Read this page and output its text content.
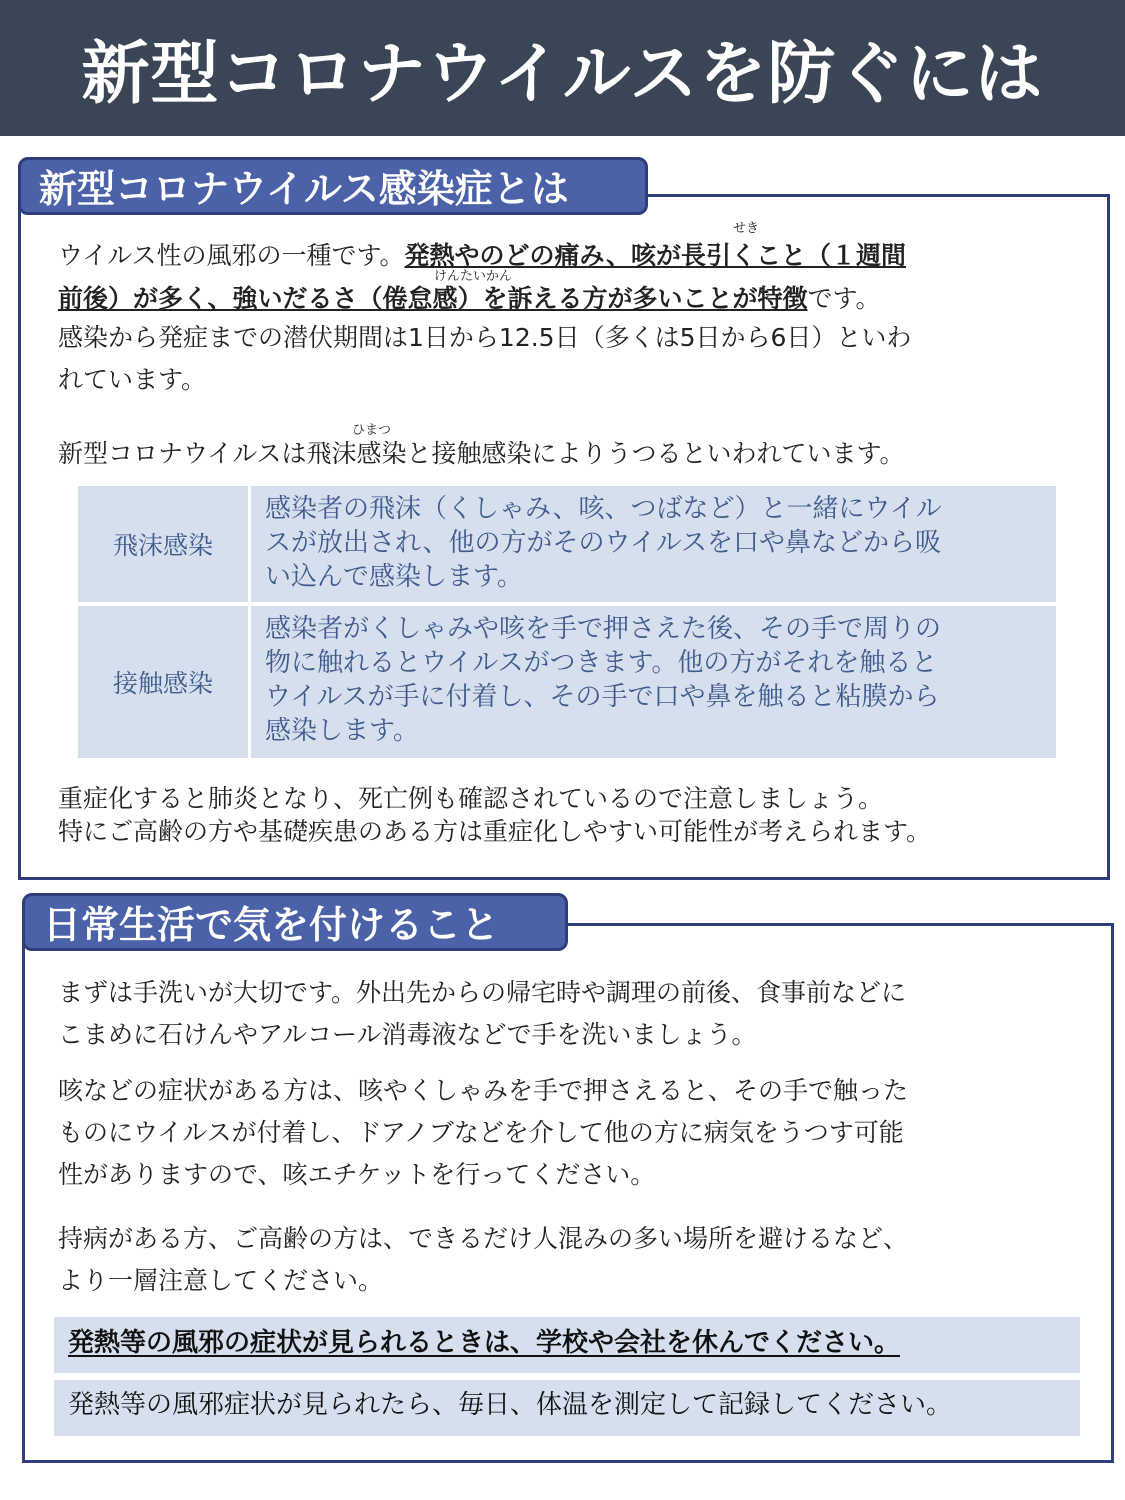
新型コロナウイルスを防ぐには
新型コロナウイルス感染症とは
せき
ウイルス性の風邪の一種です。発熱やのどの痛み、咳が長引くこと（１週間
けんたいかん
前後）が多く、強いだるさ（倦怠感）を訴える方が多いことが特徴です。
感染から発症までの潜伏期間は1日から12.5日（多くは5日から6日）といわ
れています。
ひまつ
新型コロナウイルスは飛沫感染と接触感染によりうつるといわれています。
飛沫感染
感染者の飛沫（くしゃみ、咳、つばなど）と一緒にウイル
スが放出され、他の方がそのウイルスを口や鼻などから吸
い込んで感染します。
接触感染
感染者がくしゃみや咳を手で押さえた後、その手で周りの
物に触れるとウイルスがつきます。他の方がそれを触ると
ウイルスが手に付着し、その手で口や鼻を触ると粘膜から
感染します。
重症化すると肺炎となり、死亡例も確認されているので注意しましょう。
特にご高齢の方や基礎疾患のある方は重症化しやすい可能性が考えられます。
日常生活で気を付けること
まずは手洗いが大切です。外出先からの帰宅時や調理の前後、食事前などに
こまめに石けんやアルコール消毒液などで手を洗いましょう。
咳などの症状がある方は、咳やくしゃみを手で押さえると、その手で触った
ものにウイルスが付着し、ドアノブなどを介して他の方に病気をうつす可能
性がありますので、咳エチケットを行ってください。
持病がある方、ご高齢の方は、できるだけ人混みの多い場所を避けるなど、
より一層注意してください。
発熱等の風邪の症状が見られるときは、学校や会社を休んでください。
発熱等の風邪症状が見られたら、毎日、体温を測定して記録してください。
